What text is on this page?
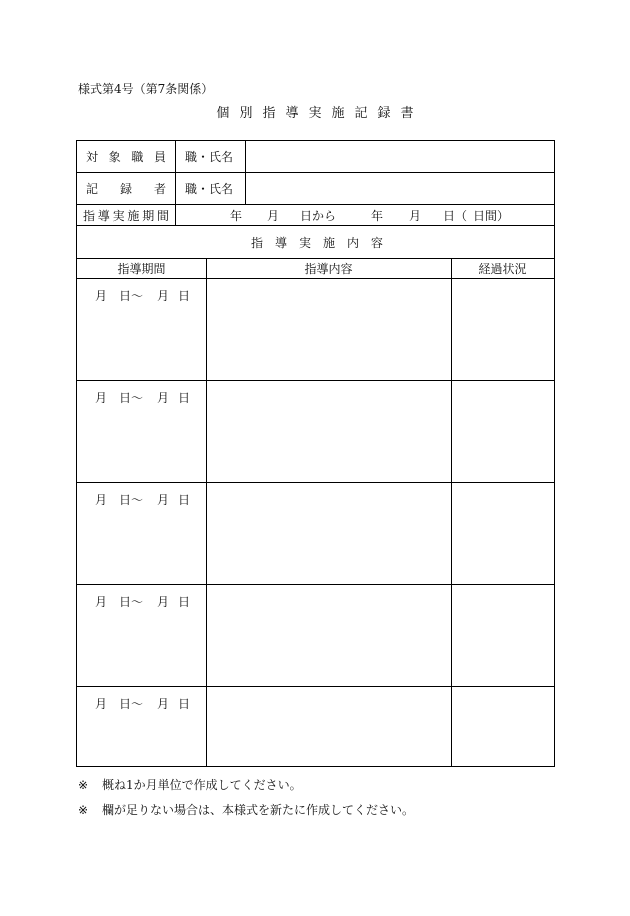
様式第4号（第7条関係）
個 別 指 導 実 施 記 録 書
対 象 職 員 職・氏名
記 録 者 職・氏名
指 導 実 施 期 間	年 月 日から	年 月 日（ 日間）
指 導 実 施 内 容
指導期間	指導内容	経過状況
月 日〜 月 日
月 日〜 月 日
月 日〜 月 日
月 日〜 月 日
月 日〜 月 日
※ 概ね1か月単位で作成してください。
※ 欄が足りない場合は、本様式を新たに作成してください。
